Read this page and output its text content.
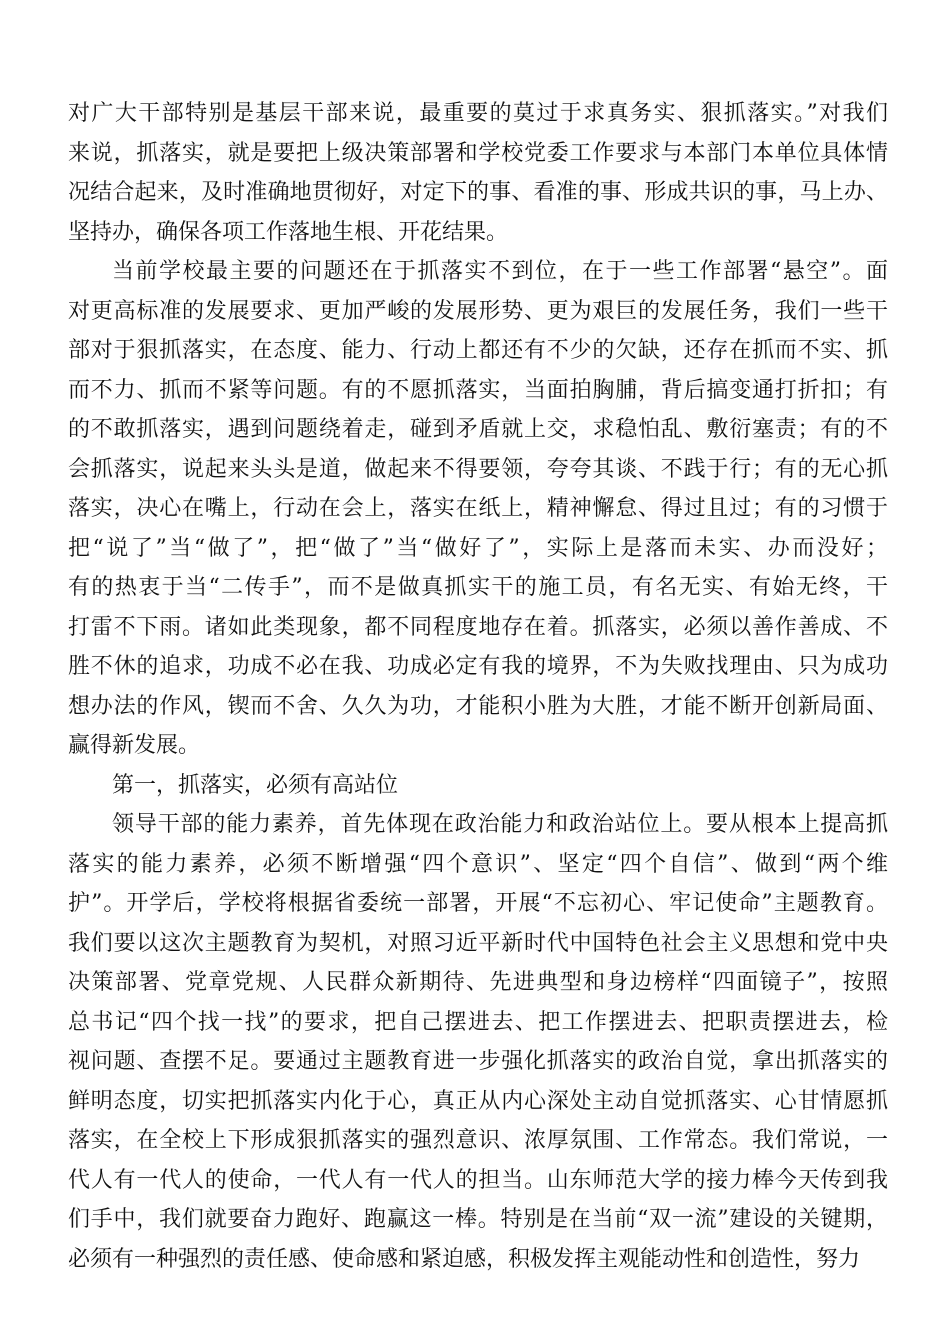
对广大干部特别是基层干部来说，最重要的莫过于求真务实、狠抓落实。”对我们
来说，抓落实，就是要把上级决策部署和学校党委工作要求与本部门本单位具体情
况结合起来，及时准确地贯彻好，对定下的事、看准的事、形成共识的事，马上办、
坚持办，确保各项工作落地生根、开花结果。
当前学校最主要的问题还在于抓落实不到位，在于一些工作部署“悬空”。面
对更高标准的发展要求、更加严峻的发展形势、更为艰巨的发展任务，我们一些干
部对于狠抓落实，在态度、能力、行动上都还有不少的欠缺，还存在抓而不实、抓
而不力、抓而不紧等问题。有的不愿抓落实，当面拍胸脯，背后搞变通打折扣；有
的不敢抓落实，遇到问题绕着走，碰到矛盾就上交，求稳怕乱、敷衍塞责；有的不
会抓落实，说起来头头是道，做起来不得要领，夸夸其谈、不践于行；有的无心抓
落实，决心在嘴上，行动在会上，落实在纸上，精神懈怠、得过且过；有的习惯于
把“说了”当“做了”，把“做了”当“做好了”，实际上是落而未实、办而没好；
有的热衷于当“二传手”，而不是做真抓实干的施工员，有名无实、有始无终，干
打雷不下雨。诸如此类现象，都不同程度地存在着。抓落实，必须以善作善成、不
胜不休的追求，功成不必在我、功成必定有我的境界，不为失败找理由、只为成功
想办法的作风，锲而不舍、久久为功，才能积小胜为大胜，才能不断开创新局面、
赢得新发展。
第一，抓落实，必须有高站位
领导干部的能力素养，首先体现在政治能力和政治站位上。要从根本上提高抓
落实的能力素养，必须不断增强“四个意识”、坚定“四个自信”、做到“两个维
护”。开学后，学校将根据省委统一部署，开展“不忘初心、牢记使命”主题教育。
我们要以这次主题教育为契机，对照习近平新时代中国特色社会主义思想和党中央
决策部署、党章党规、人民群众新期待、先进典型和身边榜样“四面镜子”，按照
总书记“四个找一找”的要求，把自己摆进去、把工作摆进去、把职责摆进去，检
视问题、查摆不足。要通过主题教育进一步强化抓落实的政治自觉，拿出抓落实的
鲜明态度，切实把抓落实内化于心，真正从内心深处主动自觉抓落实、心甘情愿抓
落实，在全校上下形成狠抓落实的强烈意识、浓厚氛围、工作常态。我们常说，一
代人有一代人的使命，一代人有一代人的担当。山东师范大学的接力棒今天传到我
们手中，我们就要奋力跑好、跑赢这一棒。特别是在当前“双一流”建设的关键期，
必须有一种强烈的责任感、使命感和紧迫感，积极发挥主观能动性和创造性，努力
